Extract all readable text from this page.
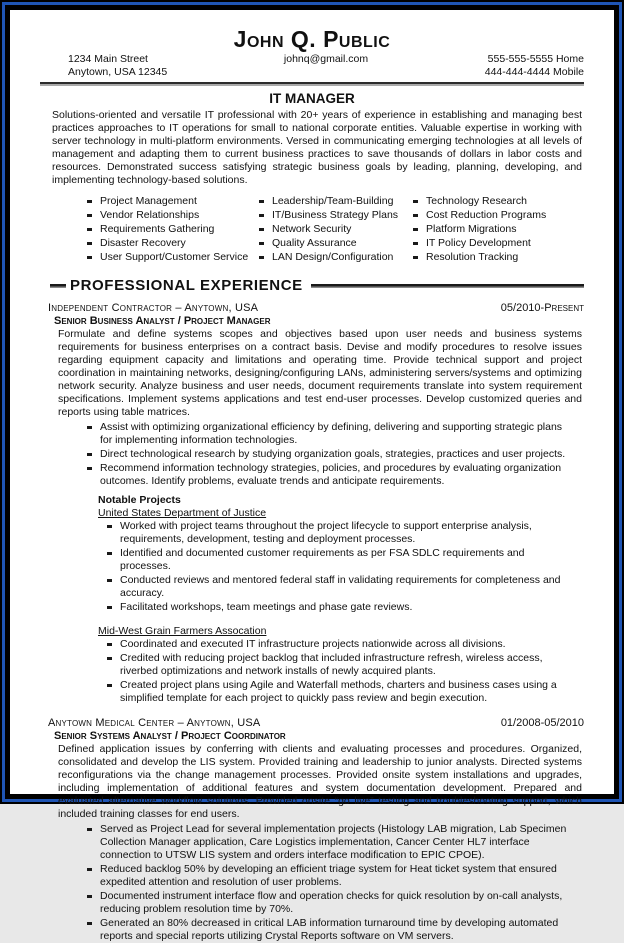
John Q. Public
1234 Main Street
Anytown, USA 12345
johnq@gmail.com	555-555-5555 Home
444-444-4444 Mobile
IT MANAGER

Solutions-oriented and versatile IT professional with 20+ years of experience in establishing and managing best practices approaches to IT operations for small to national corporate entities. Valuable expertise in working with server technology in multi-platform environments. Versed in communicating emerging technologies at all levels of management and adapting them to current business practices to save thousands of dollars in labor costs and resources. Demonstrated success satisfying strategic business goals by leading, planning, developing, and implementing technology-based solutions.

Project Management
Vendor Relationships
Requirements Gathering
Disaster Recovery
User Support/Customer Service
Leadership/Team-Building
IT/Business Strategy Plans
Network Security
Quality Assurance
LAN Design/Configuration
Technology Research
Cost Reduction Programs
Platform Migrations
IT Policy Development
Resolution Tracking
PROFESSIONAL EXPERIENCE
Independent Contractor – Anytown, USA	05/2010-Present
Senior Business Analyst / Project Manager

Formulate and define systems scopes and objectives based upon user needs and business systems requirements for business enterprises on a contract basis. Devise and modify procedures to resolve issues regarding equipment capacity and limitations and operating time. Provide technical support and project coordination in maintaining networks, designing/configuring LANs, administering servers/systems and optimizing network security. Analyze business and user needs, document requirements translate into system requirement specifications. Implement systems applications and test end-user processes. Develop customized queries and reports using table matrices.

Assist with optimizing organizational efficiency by defining, delivering and supporting strategic plans for implementing information technologies.
Direct technological research by studying organization goals, strategies, practices and user projects.
Recommend information technology strategies, policies, and procedures by evaluating organization outcomes. Identify problems, evaluate trends and anticipate requirements.
Notable Projects
United States Department of Justice
Worked with project teams throughout the project lifecycle to support enterprise analysis, requirements, development, testing and deployment processes.
Identified and documented customer requirements as per FSA SDLC requirements and processes.
Conducted reviews and mentored federal staff in validating requirements for completeness and accuracy.
Facilitated workshops, team meetings and phase gate reviews.
Mid-West Grain Farmers Assocation
Coordinated and executed IT infrastructure projects nationwide across all divisions.
Credited with reducing project backlog that included infrastructure refresh, wireless access, riverbed optimizations and network installs of newly acquired plants.
Created project plans using Agile and Waterfall methods, charters and business cases using a simplified template for each project to quickly pass review and begin execution.
Anytown Medical Center – Anytown, USA	01/2008-05/2010
Senior Systems Analyst / Project Coordinator

Defined application issues by conferring with clients and evaluating processes and procedures. Organized, consolidated and develop the LIS system. Provided training and leadership to junior analysts. Directed systems reconfigurations via the change management processes. Provided onsite system installations and upgrades, including implementation of additional features and system documentation development. Prepared and evaluated alternative workflow solutions. Provided onsite “go live” testing and troubleshooting support, which included training classes for end users.

Served as Project Lead for several implementation projects (Histology LAB migration, Lab Specimen Collection Manager application, Care Logistics implementation, Cancer Center HL7 interface connection to UTSW LIS system and orders interface modification to EPIC CPOE).
Reduced backlog 50% by developing an efficient triage system for Heat ticket system that ensured expedited attention and resolution of user problems.
Documented instrument interface flow and operation checks for quick resolution by on-call analysts, reducing problem resolution time by 70%.
Generated an 80% decreased in critical LAB information turnaround time by developing automated reports and special reports utilizing Crystal Reports software on VM servers.
